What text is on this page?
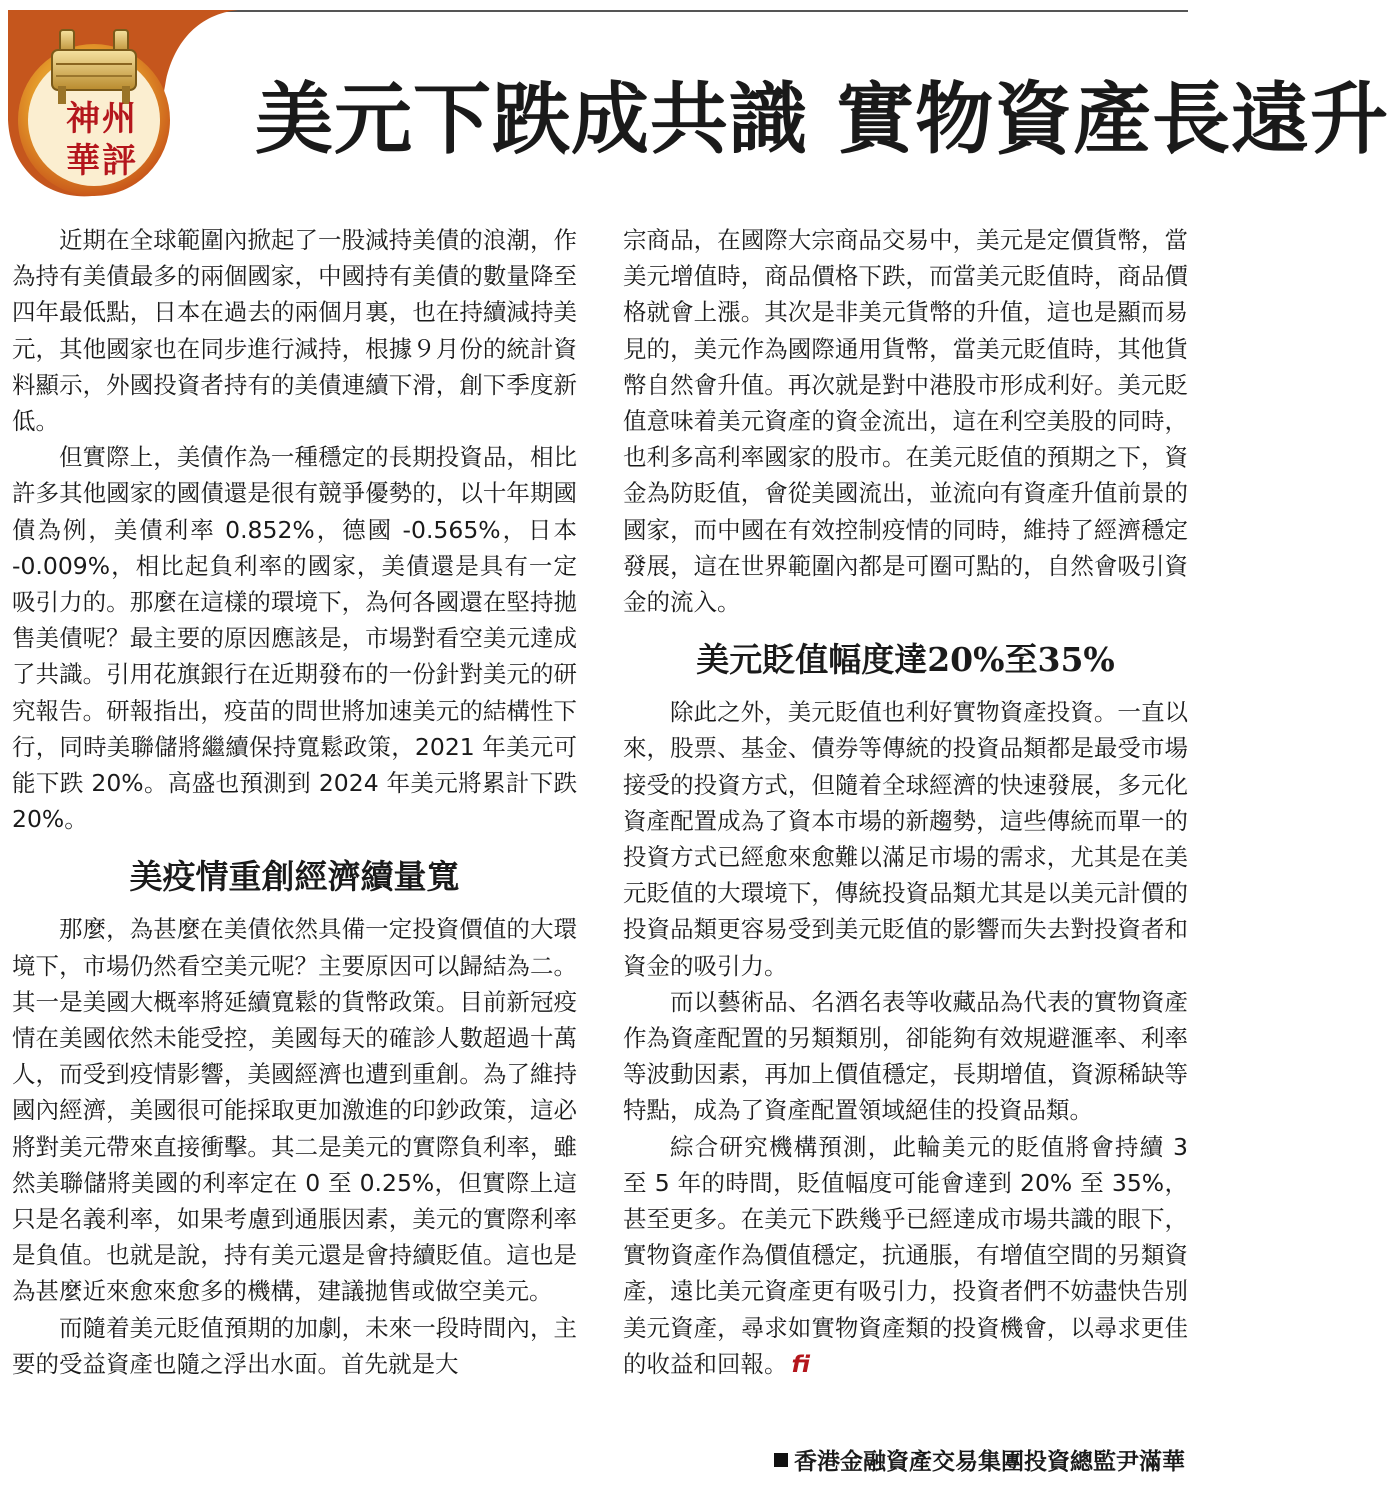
神州
華評 美元下跌成共識 實物資產長遠升

近期在全球範圍內掀起了一股減持美債的浪潮，作為持有美債最多的兩個國家，中國持有美債的數量降至四年最低點，日本在過去的兩個月裏，也在持續減持美元，其他國家也在同步進行減持，根據９月份的統計資料顯示，外國投資者持有的美債連續下滑，創下季度新低。

但實際上，美債作為一種穩定的長期投資品，相比許多其他國家的國債還是很有競爭優勢的，以十年期國債為例，美債利率 0.852%，德國 -0.565%，日本 -0.009%，相比起負利率的國家，美債還是具有一定吸引力的。那麼在這樣的環境下，為何各國還在堅持拋售美債呢？最主要的原因應該是，市場對看空美元達成了共識。引用花旗銀行在近期發布的一份針對美元的研究報告。研報指出，疫苗的問世將加速美元的結構性下行，同時美聯儲將繼續保持寬鬆政策，2021 年美元可能下跌 20%。高盛也預測到 2024 年美元將累計下跌 20%。

美疫情重創經濟續量寬

那麼，為甚麼在美債依然具備一定投資價值的大環境下，市場仍然看空美元呢？主要原因可以歸結為二。其一是美國大概率將延續寬鬆的貨幣政策。目前新冠疫情在美國依然未能受控，美國每天的確診人數超過十萬人，而受到疫情影響，美國經濟也遭到重創。為了維持國內經濟，美國很可能採取更加激進的印鈔政策，這必將對美元帶來直接衝擊。其二是美元的實際負利率，雖然美聯儲將美國的利率定在 0 至 0.25%，但實際上這只是名義利率，如果考慮到通脹因素，美元的實際利率是負值。也就是說，持有美元還是會持續貶值。這也是為甚麼近來愈來愈多的機構，建議拋售或做空美元。

而隨着美元貶值預期的加劇，未來一段時間內，主要的受益資產也隨之浮出水面。首先就是大

宗商品，在國際大宗商品交易中，美元是定價貨幣，當美元增值時，商品價格下跌，而當美元貶值時，商品價格就會上漲。其次是非美元貨幣的升值，這也是顯而易見的，美元作為國際通用貨幣，當美元貶值時，其他貨幣自然會升值。再次就是對中港股市形成利好。美元貶值意味着美元資產的資金流出，這在利空美股的同時，也利多高利率國家的股市。在美元貶值的預期之下，資金為防貶值，會從美國流出，並流向有資產升值前景的國家，而中國在有效控制疫情的同時，維持了經濟穩定發展，這在世界範圍內都是可圈可點的，自然會吸引資金的流入。

美元貶值幅度達20%至35%

除此之外，美元貶值也利好實物資產投資。一直以來，股票、基金、債券等傳統的投資品類都是最受市場接受的投資方式，但隨着全球經濟的快速發展，多元化資產配置成為了資本市場的新趨勢，這些傳統而單一的投資方式已經愈來愈難以滿足市場的需求，尤其是在美元貶值的大環境下，傳統投資品類尤其是以美元計價的投資品類更容易受到美元貶值的影響而失去對投資者和資金的吸引力。

而以藝術品、名酒名表等收藏品為代表的實物資產作為資產配置的另類類別，卻能夠有效規避滙率、利率等波動因素，再加上價值穩定，長期增值，資源稀缺等特點，成為了資產配置領域絕佳的投資品類。

綜合研究機構預測，此輪美元的貶值將會持續 3 至 5 年的時間，貶值幅度可能會達到 20% 至 35%，甚至更多。在美元下跌幾乎已經達成市場共識的眼下，實物資產作為價值穩定，抗通脹，有增值空間的另類資產，遠比美元資產更有吸引力，投資者們不妨盡快告別美元資產，尋求如實物資產類的投資機會，以尋求更佳的收益和回報。 fi

香港金融資產交易集團投資總監尹滿華
